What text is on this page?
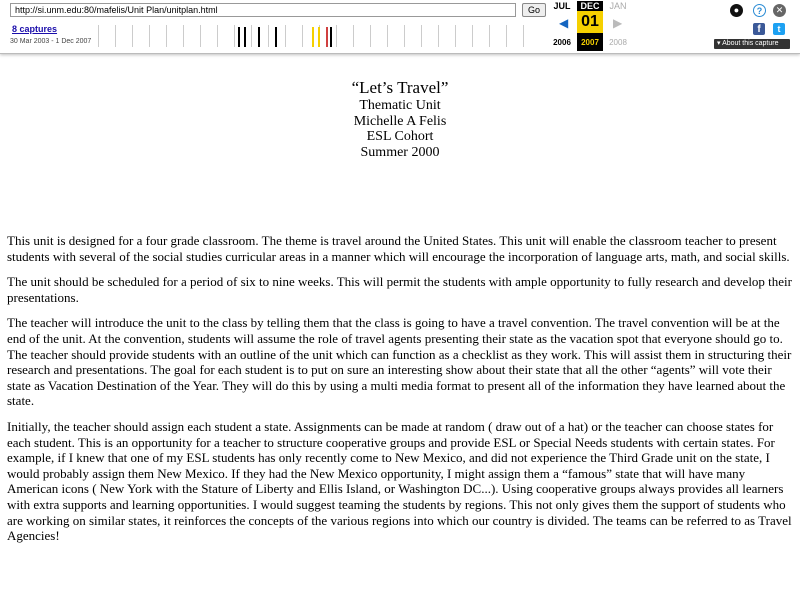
http://si.unm.edu:80/mafelis/Unit Plan/unitplan.html
Go
8 captures
30 Mar 2003 - 1 Dec 2007
JUL	DEC	JAN
01
◀	▶
2006	2007	2008
●	?	✕
f	t
▾ About this capture
“Let’s Travel”
Thematic Unit
Michelle A Felis
ESL Cohort
Summer 2000

This unit is designed for a four grade classroom. The theme is travel around the United States. This unit will enable the classroom teacher to present students with several of the social studies curricular areas in a manner which will encourage the incorporation of language arts, math, and social skills.

The unit should be scheduled for a period of six to nine weeks. This will permit the students with ample opportunity to fully research and develop their presentations.

The teacher will introduce the unit to the class by telling them that the class is going to have a travel convention. The travel convention will be at the end of the unit. At the convention, students will assume the role of travel agents presenting their state as the vacation spot that everyone should go to. The teacher should provide students with an outline of the unit which can function as a checklist as they work. This will assist them in structuring their research and presentations. The goal for each student is to put on sure an interesting show about their state that all the other “agents” will vote their state as Vacation Destination of the Year. They will do this by using a multi media format to present all of the information they have learned about the state.

Initially, the teacher should assign each student a state. Assignments can be made at random ( draw out of a hat) or the teacher can choose states for each student. This is an opportunity for a teacher to structure cooperative groups and provide ESL or Special Needs students with certain states. For example, if I knew that one of my ESL students has only recently come to New Mexico, and did not experience the Third Grade unit on the state, I would probably assign them New Mexico. If they had the New Mexico opportunity, I might assign them a “famous” state that will have many American icons ( New York with the Stature of Liberty and Ellis Island, or Washington DC...). Using cooperative groups always provides all learners with extra supports and learning opportunities. I would suggest teaming the students by regions. This not only gives them the support of students who are working on similar states, it reinforces the concepts of the various regions into which our country is divided. The teams can be referred to as Travel Agencies!
